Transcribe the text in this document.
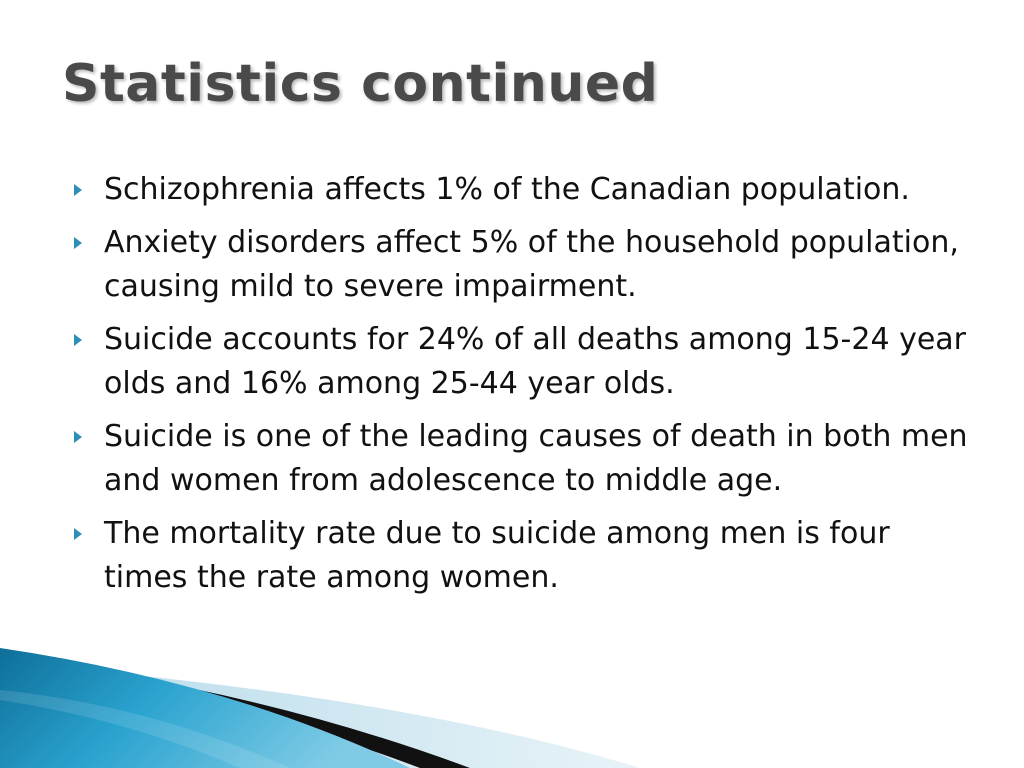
Statistics continued
Schizophrenia affects 1% of the Canadian population.
Anxiety disorders affect 5% of the household population, causing mild to severe impairment.
Suicide accounts for 24% of all deaths among 15-24 year olds and 16% among 25-44 year olds.
Suicide is one of the leading causes of death in both men and women from adolescence to middle age.
The mortality rate due to suicide among men is four times the rate among women.
